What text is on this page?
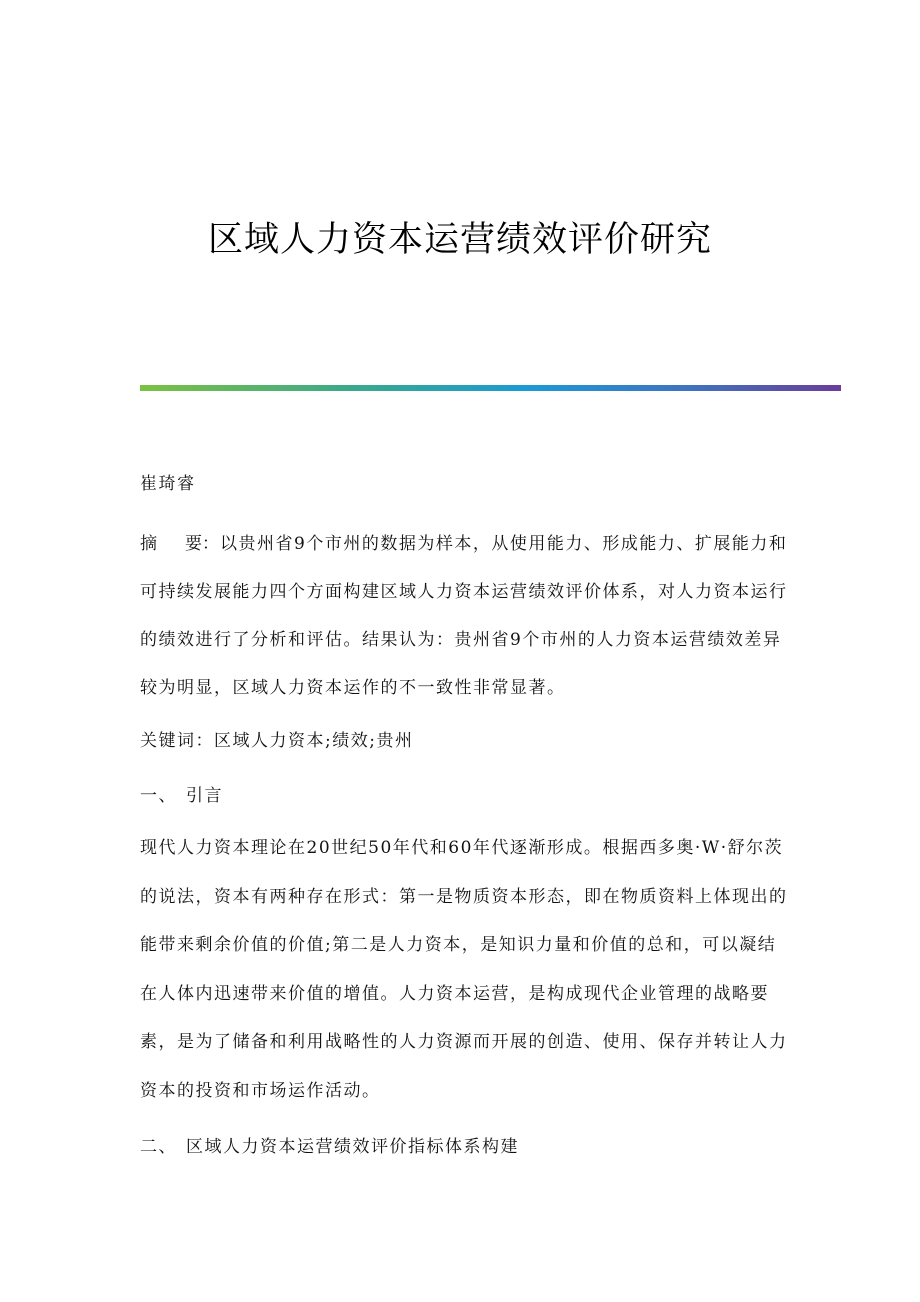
区域人力资本运营绩效评价研究
崔琦睿
摘 要：以贵州省9个市州的数据为样本，从使用能力、形成能力、扩展能力和可持续发展能力四个方面构建区域人力资本运营绩效评价体系，对人力资本运行的绩效进行了分析和评估。结果认为：贵州省9个市州的人力资本运营绩效差异较为明显，区域人力资本运作的不一致性非常显著。
关键词：区域人力资本;绩效;贵州
一、 引言
现代人力资本理论在20世纪50年代和60年代逐渐形成。根据西多奥·W·舒尔茨的说法，资本有两种存在形式：第一是物质资本形态，即在物质资料上体现出的能带来剩余价值的价值;第二是人力资本，是知识力量和价值的总和，可以凝结在人体内迅速带来价值的增值。人力资本运营，是构成现代企业管理的战略要素，是为了储备和利用战略性的人力资源而开展的创造、使用、保存并转让人力资本的投资和市场运作活动。
二、 区域人力资本运营绩效评价指标体系构建
